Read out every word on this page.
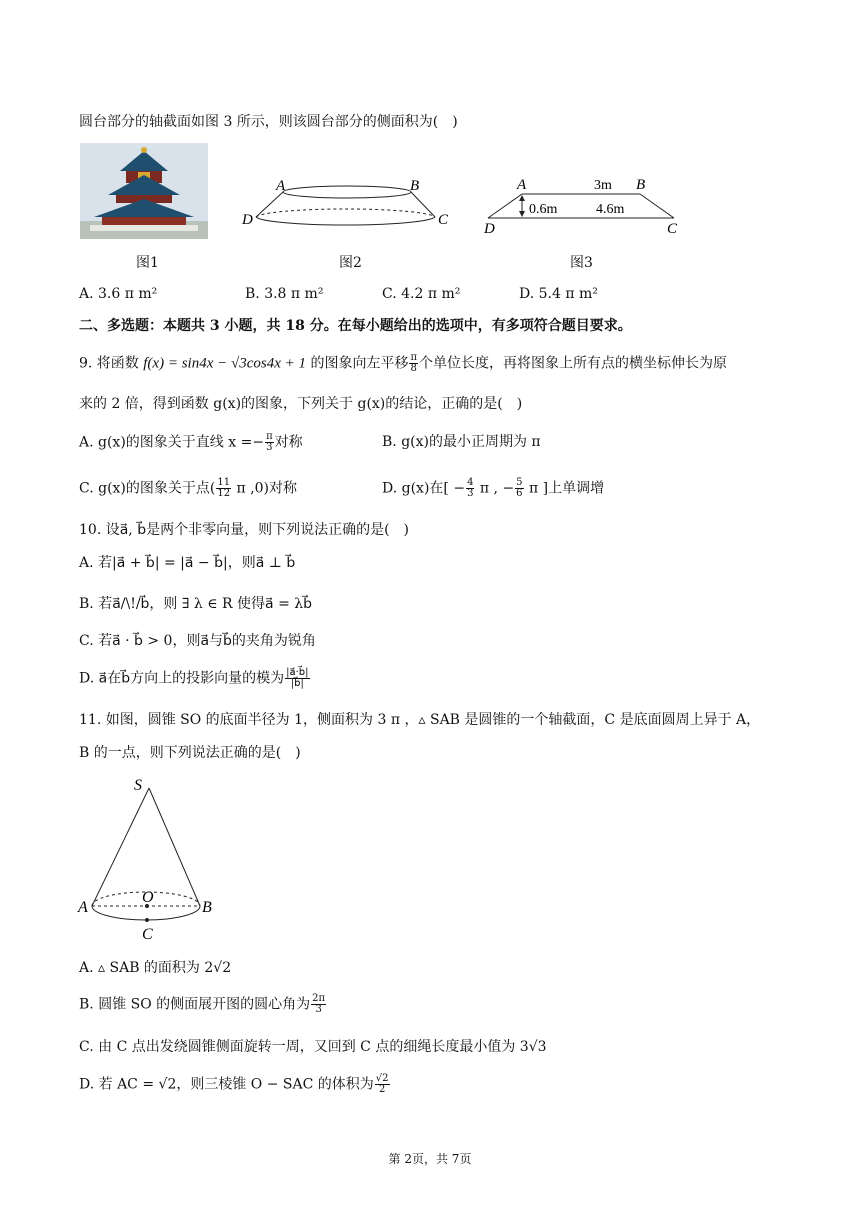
圆台部分的轴截面如图 3 所示，则该圆台部分的侧面积为(　)
图1
A	B
C
D
图2
A	B
C
D
3m
0.6m	4.6m
图3
A. 3.6 π m²	B. 3.8 π m²	C. 4.2 π m²	D. 5.4 π m²
二、多选题：本题共 3 小题，共 18 分。在每小题给出的选项中，有多项符合题目要求。
9. 将函数 f(x) = sin4x − √3cos4x + 1 的图象向左平移 $\frac{\pi}{8}$ 个单位长度，再将图象上所有点的横坐标伸长为原
来的 2 倍，得到函数 g(x)的图象，下列关于 g(x)的结论，正确的是(　)
A. g(x)的图象关于直线 $x =- \frac{\pi}{3}$ 对称	B. g(x)的最小正周期为 π
C. g(x)的图象关于点( $\frac{11}{12}$ π ,0)对称	D. g(x)在[ − $\frac{4}{3}$ π , − $\frac{5}{6}$ π ]上单调增
10. 设a⃗, b⃗是两个非零向量，则下列说法正确的是(　)
A. 若|a⃗ + b⃗| = |a⃗ − b⃗|，则a⃗ ⊥ b⃗
B. 若a⃗/\!/b⃗，则 ∃ λ ∈ R 使得a⃗ = λb⃗
C. 若a⃗ · b⃗ > 0，则a⃗与b⃗的夹角为锐角
D. a⃗在b⃗方向上的投影向量的模为 $\frac{|a⃗\cdot b⃗|}{|b⃗|}$
11. 如图，圆锥 SO 的底面半径为 1，侧面积为 3 π ，▵ SAB 是圆锥的一个轴截面，C 是底面圆周上异于 A，
B 的一点，则下列说法正确的是(　)
S
A	B
O
C
A. ▵ SAB 的面积为 2√2
B. 圆锥 SO 的侧面展开图的圆心角为 $\frac{2\pi}{3}$
C. 由 C 点出发绕圆锥侧面旋转一周，又回到 C 点的细绳长度最小值为 3√3
D. 若 AC = √2，则三棱锥 O − SAC 的体积为 $\frac{√2}{2}$
第 2页，共 7页
